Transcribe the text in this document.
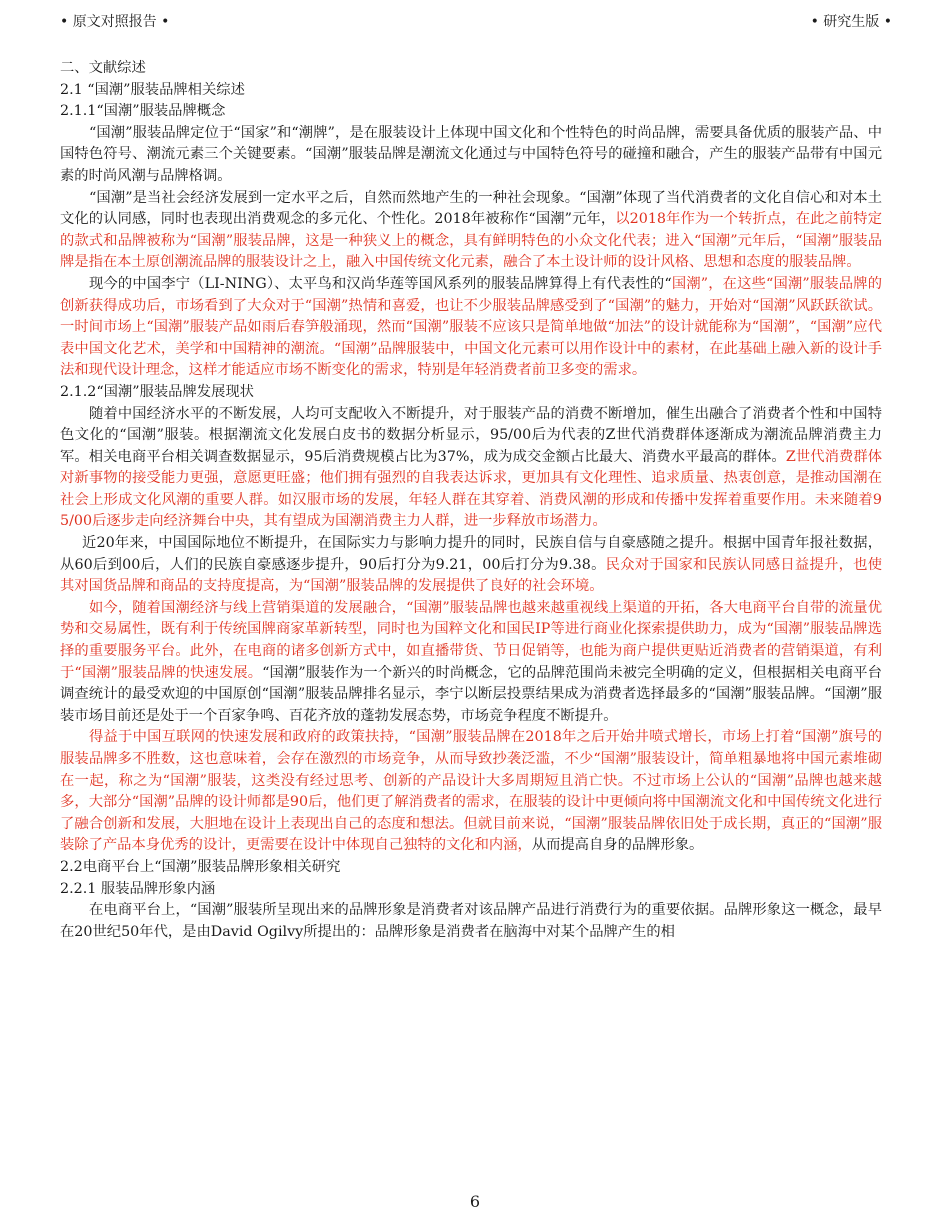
• 原文对照报告 •	• 研究生版 •
二、文献综述
2.1 “国潮”服装品牌相关综述
2.1.1“国潮”服装品牌概念

“国潮”服装品牌定位于“国家”和“潮牌”，是在服装设计上体现中国文化和个性特色的时尚品牌，需要具备优质的服装产品、中国特色符号、潮流元素三个关键要素。“国潮”服装品牌是潮流文化通过与中国特色符号的碰撞和融合，产生的服装产品带有中国元素的时尚风潮与品牌格调。

“国潮”是当社会经济发展到一定水平之后，自然而然地产生的一种社会现象。“国潮”体现了当代消费者的文化自信心和对本土文化的认同感，同时也表现出消费观念的多元化、个性化。2018年被称作“国潮”元年，以2018年作为一个转折点，在此之前特定的款式和品牌被称为“国潮”服装品牌，这是一种狭义上的概念，具有鲜明特色的小众文化代表；进入“国潮”元年后，“国潮”服装品牌是指在本土原创潮流品牌的服装设计之上，融入中国传统文化元素，融合了本土设计师的设计风格、思想和态度的服装品牌。

现今的中国李宁（LI-NING）、太平鸟和汉尚华莲等国风系列的服装品牌算得上有代表性的“国潮”，在这些“国潮”服装品牌的创新获得成功后，市场看到了大众对于“国潮”热情和喜爱，也让不少服装品牌感受到了“国潮”的魅力，开始对“国潮”风跃跃欲试。一时间市场上“国潮”服装产品如雨后春笋般涌现，然而“国潮”服装不应该只是简单地做“加法”的设计就能称为“国潮”，“国潮”应代表中国文化艺术，美学和中国精神的潮流。“国潮”品牌服装中，中国文化元素可以用作设计中的素材，在此基础上融入新的设计手法和现代设计理念，这样才能适应市场不断变化的需求，特别是年轻消费者前卫多变的需求。

2.1.2“国潮”服装品牌发展现状

随着中国经济水平的不断发展，人均可支配收入不断提升，对于服装产品的消费不断增加，催生出融合了消费者个性和中国特色文化的“国潮”服装。根据潮流文化发展白皮书的数据分析显示，95/00后为代表的Z世代消费群体逐渐成为潮流品牌消费主力军。相关电商平台相关调查数据显示，95后消费规模占比为37%，成为成交金额占比最大、消费水平最高的群体。Z世代消费群体对新事物的接受能力更强，意愿更旺盛；他们拥有强烈的自我表达诉求，更加具有文化理性、追求质量、热衷创意，是推动国潮在社会上形成文化风潮的重要人群。如汉服市场的发展，年轻人群在其穿着、消费风潮的形成和传播中发挥着重要作用。未来随着95/00后逐步走向经济舞台中央，其有望成为国潮消费主力人群，进一步释放市场潜力。

近20年来，中国国际地位不断提升，在国际实力与影响力提升的同时，民族自信与自豪感随之提升。根据中国青年报社数据，从60后到00后，人们的民族自豪感逐步提升，90后打分为9.21，00后打分为9.38。民众对于国家和民族认同感日益提升，也使其对国货品牌和商品的支持度提高，为“国潮”服装品牌的发展提供了良好的社会环境。

如今，随着国潮经济与线上营销渠道的发展融合，“国潮”服装品牌也越来越重视线上渠道的开拓，各大电商平台自带的流量优势和交易属性，既有利于传统国牌商家革新转型，同时也为国粹文化和国民IP等进行商业化探索提供助力，成为“国潮”服装品牌选择的重要服务平台。此外，在电商的诸多创新方式中，如直播带货、节日促销等，也能为商户提供更贴近消费者的营销渠道，有利于“国潮”服装品牌的快速发展。“国潮”服装作为一个新兴的时尚概念，它的品牌范围尚未被完全明确的定义，但根据相关电商平台调查统计的最受欢迎的中国原创“国潮”服装品牌排名显示，李宁以断层投票结果成为消费者选择最多的“国潮”服装品牌。“国潮”服装市场目前还是处于一个百家争鸣、百花齐放的蓬勃发展态势，市场竞争程度不断提升。

得益于中国互联网的快速发展和政府的政策扶持，“国潮”服装品牌在2018年之后开始井喷式增长，市场上打着“国潮”旗号的服装品牌多不胜数，这也意味着，会存在激烈的市场竞争，从而导致抄袭泛滥，不少“国潮”服装设计，简单粗暴地将中国元素堆砌在一起，称之为“国潮”服装，这类没有经过思考、创新的产品设计大多周期短且消亡快。不过市场上公认的“国潮”品牌也越来越多，大部分“国潮”品牌的设计师都是90后，他们更了解消费者的需求，在服装的设计中更倾向将中国潮流文化和中国传统文化进行了融合创新和发展，大胆地在设计上表现出自己的态度和想法。但就目前来说，“国潮”服装品牌依旧处于成长期，真正的“国潮”服装除了产品本身优秀的设计，更需要在设计中体现自己独特的文化和内涵，从而提高自身的品牌形象。

2.2电商平台上“国潮”服装品牌形象相关研究
2.2.1 服装品牌形象内涵

在电商平台上，“国潮”服装所呈现出来的品牌形象是消费者对该品牌产品进行消费行为的重要依据。品牌形象这一概念，最早在20世纪50年代，是由David Ogilvy所提出的：品牌形象是消费者在脑海中对某个品牌产生的相

6
